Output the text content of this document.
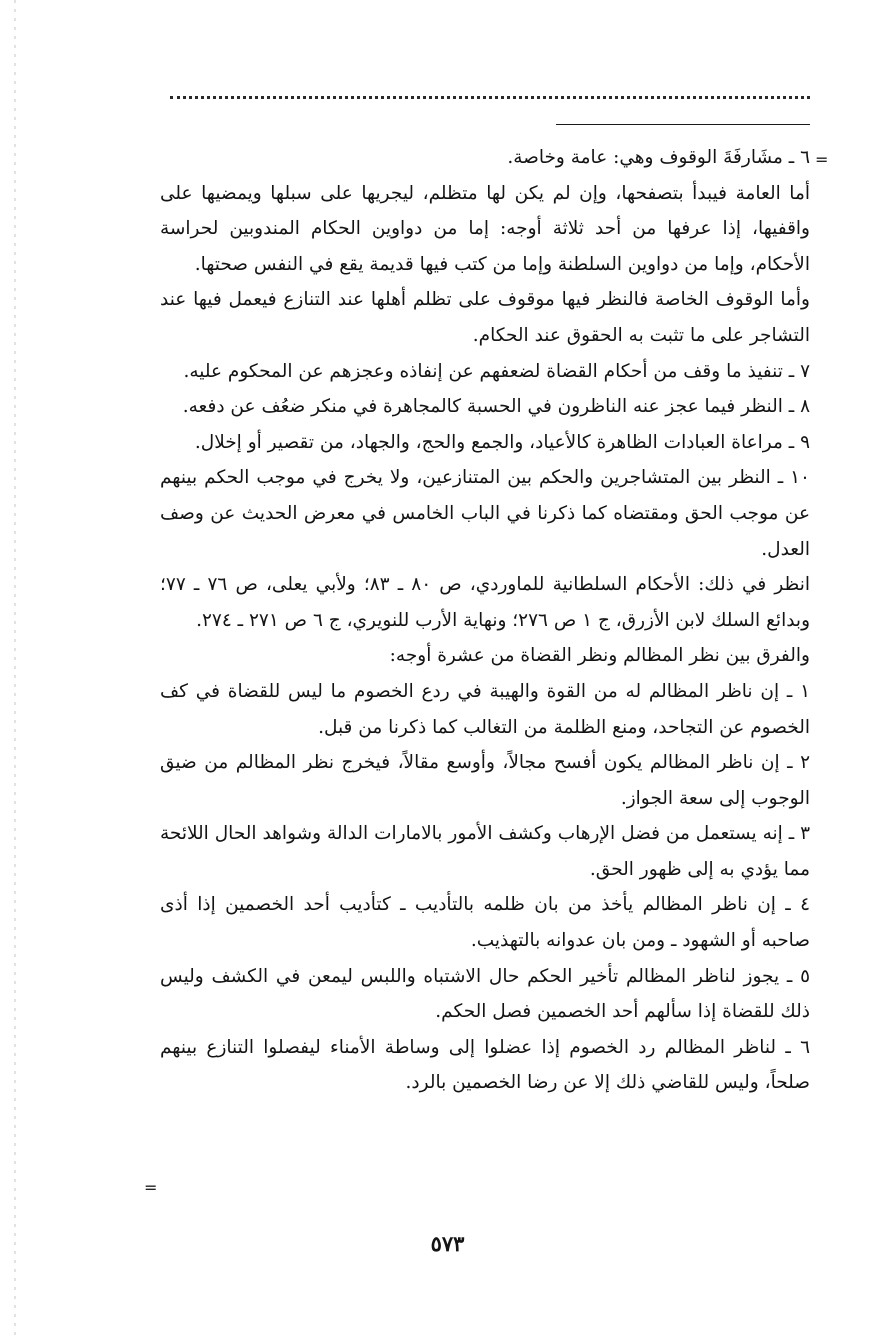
=

٦ ـ مشَارفَةَ الوقوف وهي: عامة وخاصة.

أما العامة فيبدأ بتصفحها، وإن لم يكن لها متظلم، ليجريها على سبلها ويمضيها على واقفيها، إذا عرفها من أحد ثلاثة أوجه: إما من دواوين الحكام المندوبين لحراسة الأحكام، وإما من دواوين السلطنة وإما من كتب فيها قديمة يقع في النفس صحتها.

وأما الوقوف الخاصة فالنظر فيها موقوف على تظلم أهلها عند التنازع فيعمل فيها عند التشاجر على ما تثبت به الحقوق عند الحكام.

٧ ـ تنفيذ ما وقف من أحكام القضاة لضعفهم عن إنفاذه وعجزهم عن المحكوم عليه.

٨ ـ النظر فيما عجز عنه الناظرون في الحسبة كالمجاهرة في منكر ضعُف عن دفعه.

٩ ـ مراعاة العبادات الظاهرة كالأعياد، والجمع والحج، والجهاد، من تقصير أو إخلال.

١٠ ـ النظر بين المتشاجرين والحكم بين المتنازعين، ولا يخرج في موجب الحكم بينهم عن موجب الحق ومقتضاه كما ذكرنا في الباب الخامس في معرض الحديث عن وصف العدل.

انظر في ذلك: الأحكام السلطانية للماوردي، ص ٨٠ ـ ٨٣؛ ولأبي يعلى، ص ٧٦ ـ ٧٧؛ وبدائع السلك لابن الأزرق، ج ١ ص ٢٧٦؛ ونهاية الأرب للنويري، ج ٦ ص ٢٧١ ـ ٢٧٤.

والفرق بين نظر المظالم ونظر القضاة من عشرة أوجه:

١ ـ إن ناظر المظالم له من القوة والهيبة في ردع الخصوم ما ليس للقضاة في كف الخصوم عن التجاحد، ومنع الظلمة من التغالب كما ذكرنا من قبل.

٢ ـ إن ناظر المظالم يكون أفسح مجالاً، وأوسع مقالاً، فيخرج نظر المظالم من ضيق الوجوب إلى سعة الجواز.

٣ ـ إنه يستعمل من فضل الإرهاب وكشف الأمور بالامارات الدالة وشواهد الحال اللائحة مما يؤدي به إلى ظهور الحق.

٤ ـ إن ناظر المظالم يأخذ من بان ظلمه بالتأديب ـ كتأديب أحد الخصمين إذا أذى صاحبه أو الشهود ـ ومن بان عدوانه بالتهذيب.

٥ ـ يجوز لناظر المظالم تأخير الحكم حال الاشتباه واللبس ليمعن في الكشف وليس ذلك للقضاة إذا سألهم أحد الخصمين فصل الحكم.

٦ ـ لناظر المظالم رد الخصوم إذا عضلوا إلى وساطة الأمناء ليفصلوا التنازع بينهم صلحاً، وليس للقاضي ذلك إلا عن رضا الخصمين بالرد.

=
٥٧٣
